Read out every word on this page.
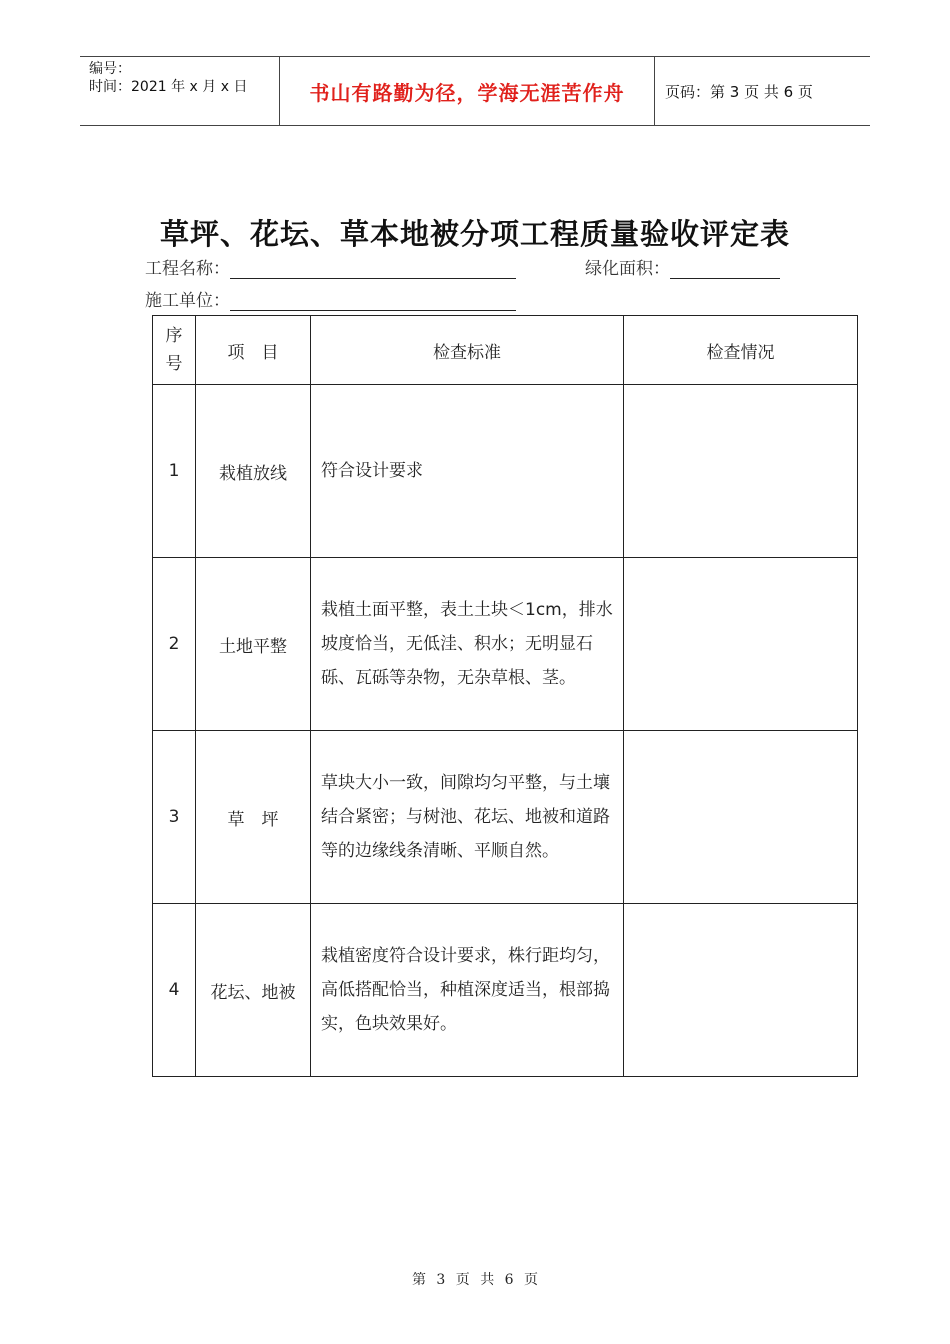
编号：
时间：2021 年 x 月 x 日	书山有路勤为径，学海无涯苦作舟	页码：第 3 页 共 6 页
草坪、花坛、草本地被分项工程质量验收评定表
工程名称：	绿化面积：
施工单位：
序号	项　目	检查标准	检查情况
1	栽植放线	符合设计要求	
2	土地平整	栽植土面平整，表土土块＜1cm，排水坡度恰当，无低洼、积水；无明显石砾、瓦砾等杂物，无杂草根、茎。	
3	草　坪	草块大小一致，间隙均匀平整，与土壤结合紧密；与树池、花坛、地被和道路等的边缘线条清晰、平顺自然。	
4	花坛、地被	栽植密度符合设计要求，株行距均匀，高低搭配恰当，种植深度适当，根部捣实，色块效果好。	
第 3 页 共 6 页
